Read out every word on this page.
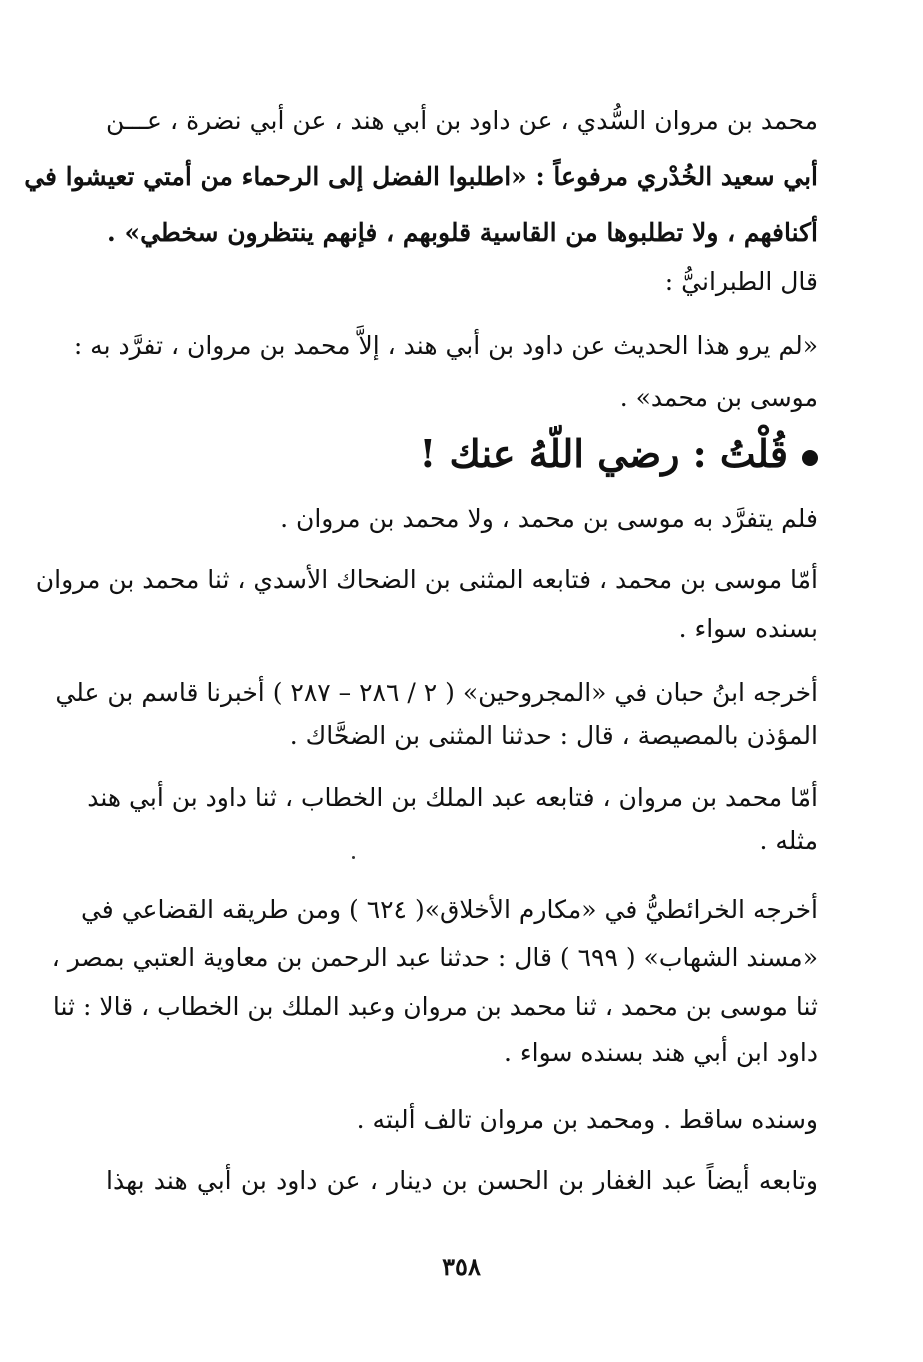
محمد بن مروان السُّدي ، عن داود بن أبي هند ، عن أبي نضرة ، عـــن
أبي سعيد الخُدْري مرفوعاً : «اطلبوا الفضل إلى الرحماء من أمتي تعيشوا في
أكنافهم ، ولا تطلبوها من القاسية قلوبهم ، فإنهم ينتظرون سخطي» .
قال الطبرانيُّ :
«لم يرو هذا الحديث عن داود بن أبي هند ، إلاَّ محمد بن مروان ، تفرَّد به :
موسى بن محمد» .
قُلْتُ : رضي اللّهُ عنك !
فلم يتفرَّد به موسى بن محمد ، ولا محمد بن مروان .
أمّا موسى بن محمد ، فتابعه المثنى بن الضحاك الأسدي ، ثنا محمد بن مروان
بسنده سواء .
أخرجه ابنُ حبان في «المجروحين» ( ٢ / ٢٨٦ – ٢٨٧ ) أخبرنا قاسم بن علي
المؤذن بالمصيصة ، قال : حدثنا المثنى بن الضحَّاك .
أمّا محمد بن مروان ، فتابعه عبد الملك بن الخطاب ، ثنا داود بن أبي هند
مثله .
أخرجه الخرائطيُّ في «مكارم الأخلاق»( ٦٢٤ ) ومن طريقه القضاعي في
«مسند الشهاب» ( ٦٩٩ ) قال : حدثنا عبد الرحمن بن معاوية العتبي بمصر ،
ثنا موسى بن محمد ، ثنا محمد بن مروان وعبد الملك بن الخطاب ، قالا : ثنا
داود ابن أبي هند بسنده سواء .
وسنده ساقط . ومحمد بن مروان تالف ألبته .
وتابعه أيضاً عبد الغفار بن الحسن بن دينار ، عن داود بن أبي هند بهذا
٣٥٨
